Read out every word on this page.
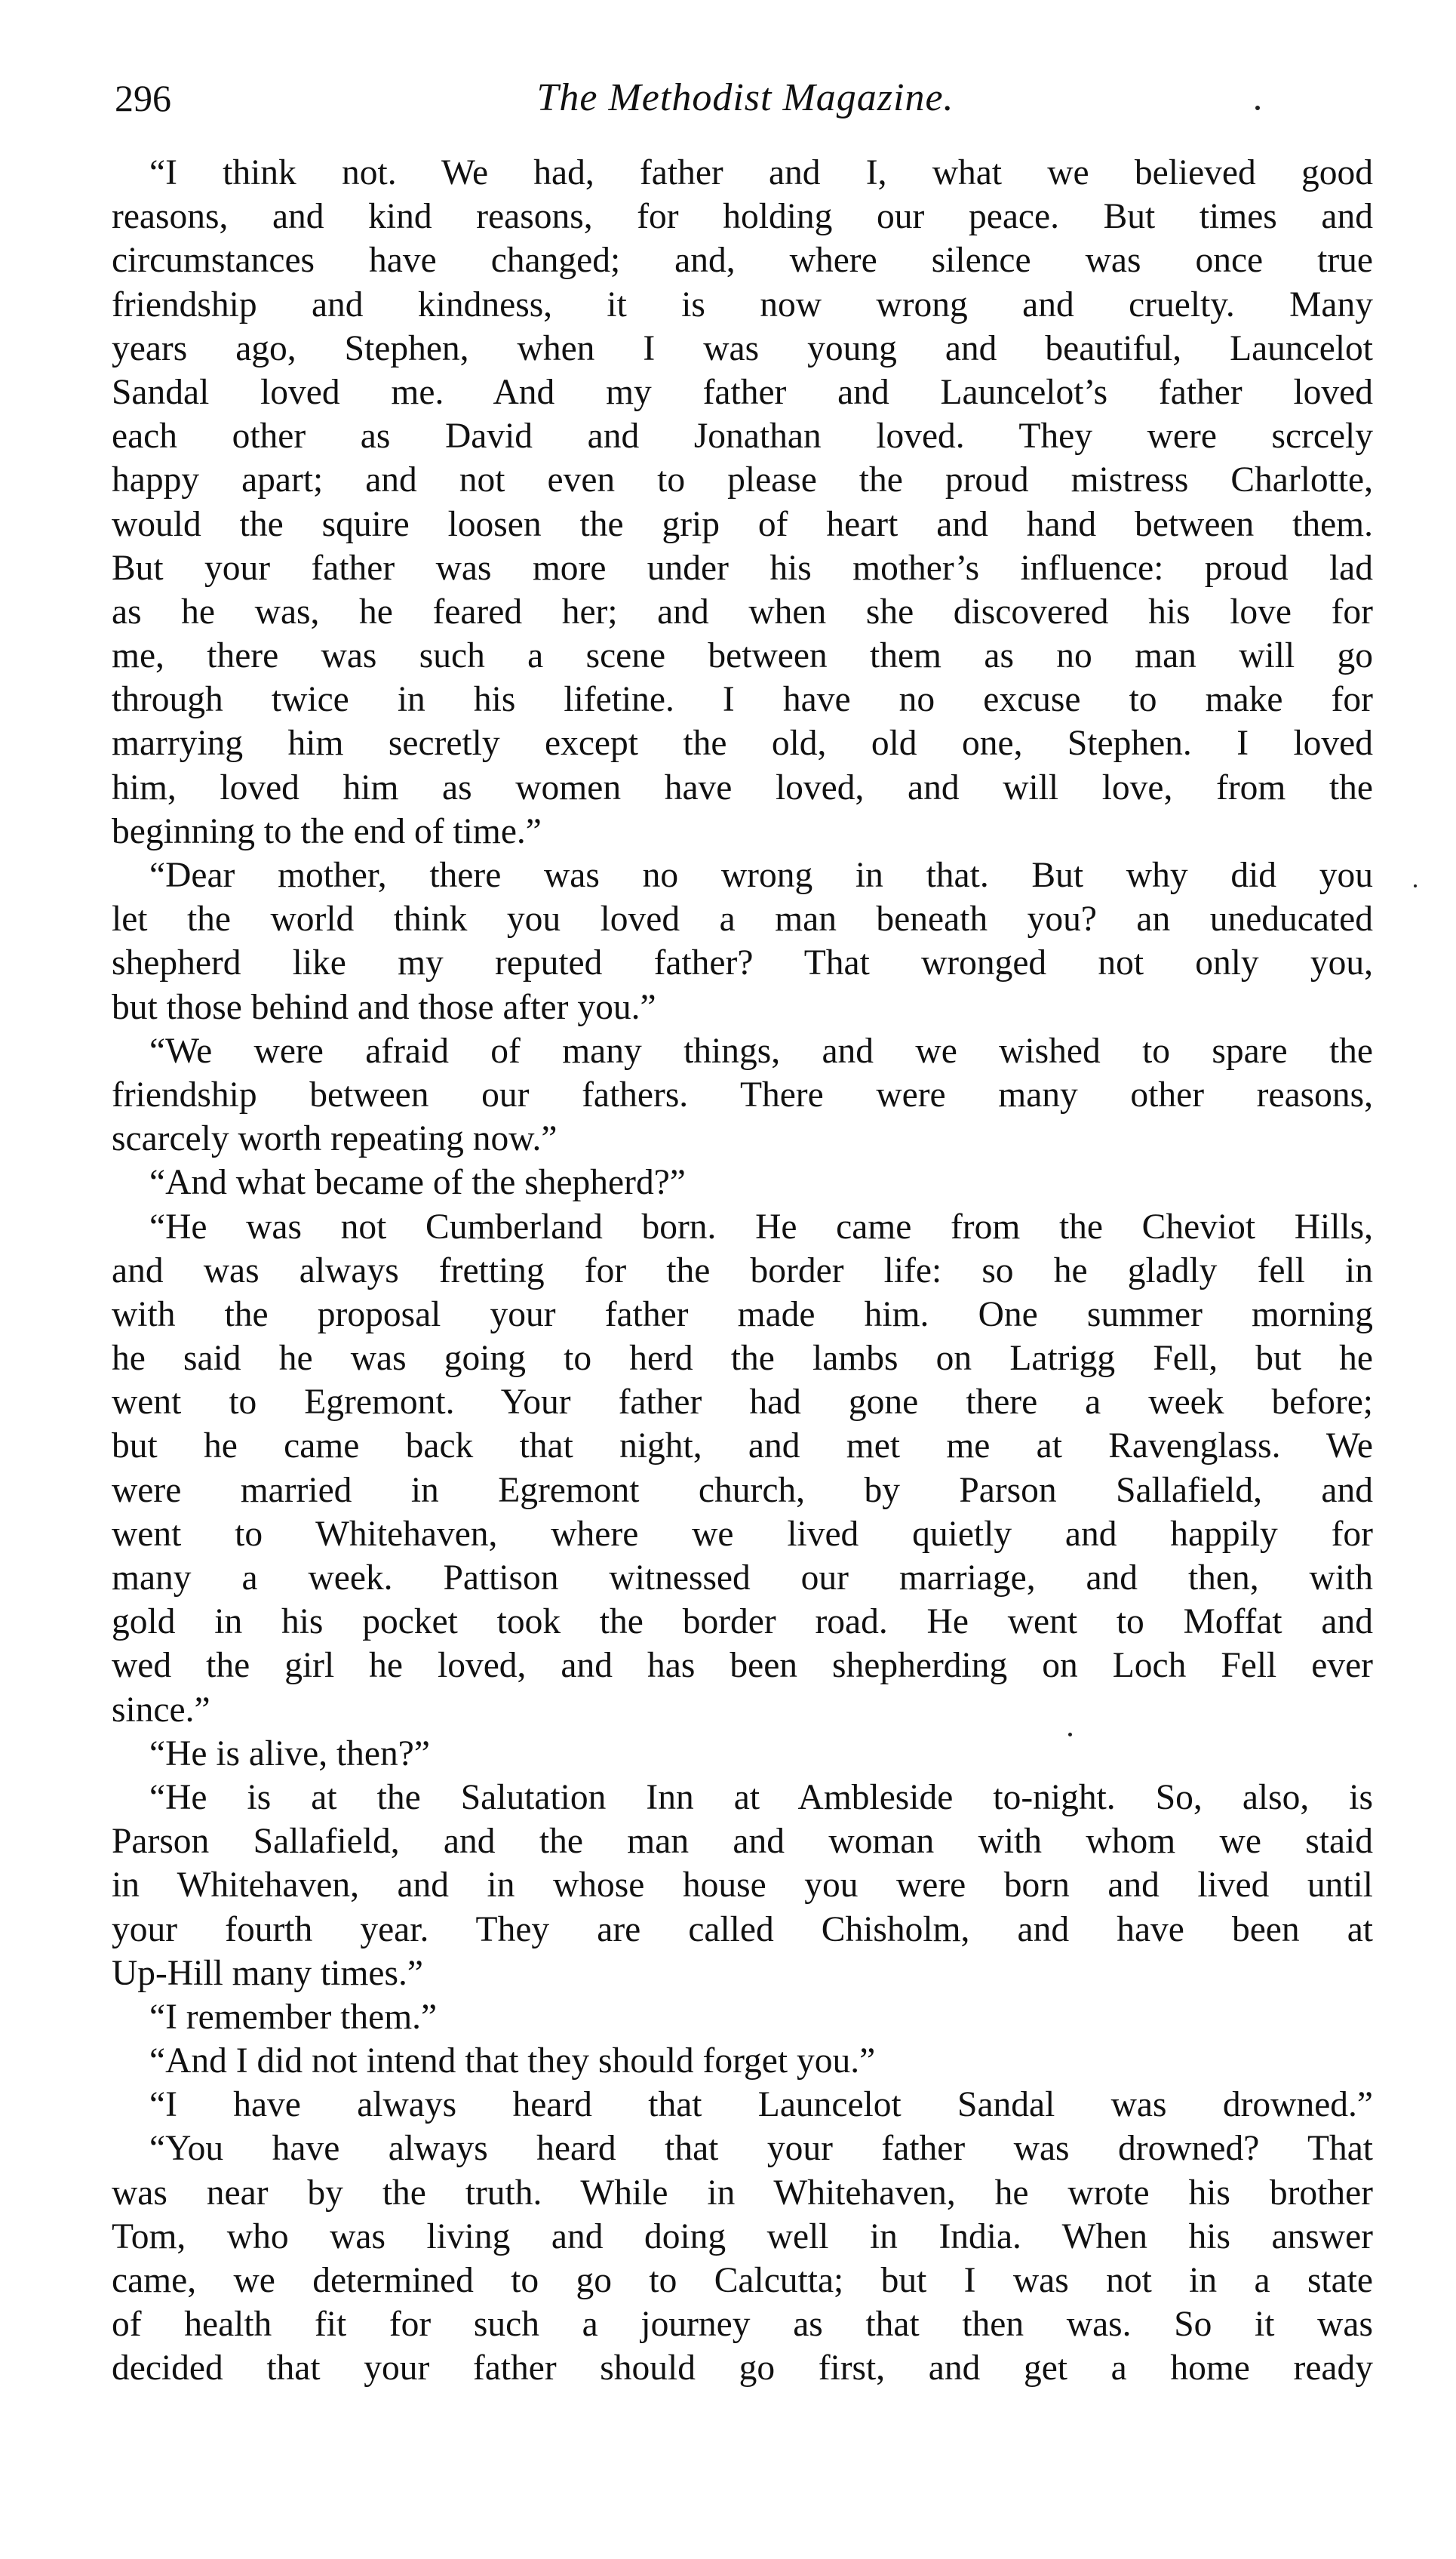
296	The Methodist Magazine.
“I think not. We had, father and I, what we believed good
reasons, and kind reasons, for holding our peace. But times and
circumstances have changed; and, where silence was once true
friendship and kindness, it is now wrong and cruelty. Many
years ago, Stephen, when I was young and beautiful, Launcelot
Sandal loved me. And my father and Launcelot’s father loved
each other as David and Jonathan loved. They were scrcely
happy apart; and not even to please the proud mistress Charlotte,
would the squire loosen the grip of heart and hand between them.
But your father was more under his mother’s influence: proud lad
as he was, he feared her; and when she discovered his love for
me, there was such a scene between them as no man will go
through twice in his lifetine. I have no excuse to make for
marrying him secretly except the old, old one, Stephen. I loved
him, loved him as women have loved, and will love, from the
beginning to the end of time.”
“Dear mother, there was no wrong in that. But why did you
let the world think you loved a man beneath you? an uneducated
shepherd like my reputed father? That wronged not only you,
but those behind and those after you.”
“We were afraid of many things, and we wished to spare the
friendship between our fathers. There were many other reasons,
scarcely worth repeating now.”
“And what became of the shepherd?”
“He was not Cumberland born. He came from the Cheviot Hills,
and was always fretting for the border life: so he gladly fell in
with the proposal your father made him. One summer morning
he said he was going to herd the lambs on Latrigg Fell, but he
went to Egremont. Your father had gone there a week before;
but he came back that night, and met me at Ravenglass. We
were married in Egremont church, by Parson Sallafield, and
went to Whitehaven, where we lived quietly and happily for
many a week. Pattison witnessed our marriage, and then, with
gold in his pocket took the border road. He went to Moffat and
wed the girl he loved, and has been shepherding on Loch Fell ever
since.”
“He is alive, then?”
“He is at the Salutation Inn at Ambleside to-night. So, also, is
Parson Sallafield, and the man and woman with whom we staid
in Whitehaven, and in whose house you were born and lived until
your fourth year. They are called Chisholm, and have been at
Up-Hill many times.”
“I remember them.”
“And I did not intend that they should forget you.”
“I have always heard that Launcelot Sandal was drowned.”
“You have always heard that your father was drowned? That
was near by the truth. While in Whitehaven, he wrote his brother
Tom, who was living and doing well in India. When his answer
came, we determined to go to Calcutta; but I was not in a state
of health fit for such a journey as that then was. So it was
decided that your father should go first, and get a home ready
